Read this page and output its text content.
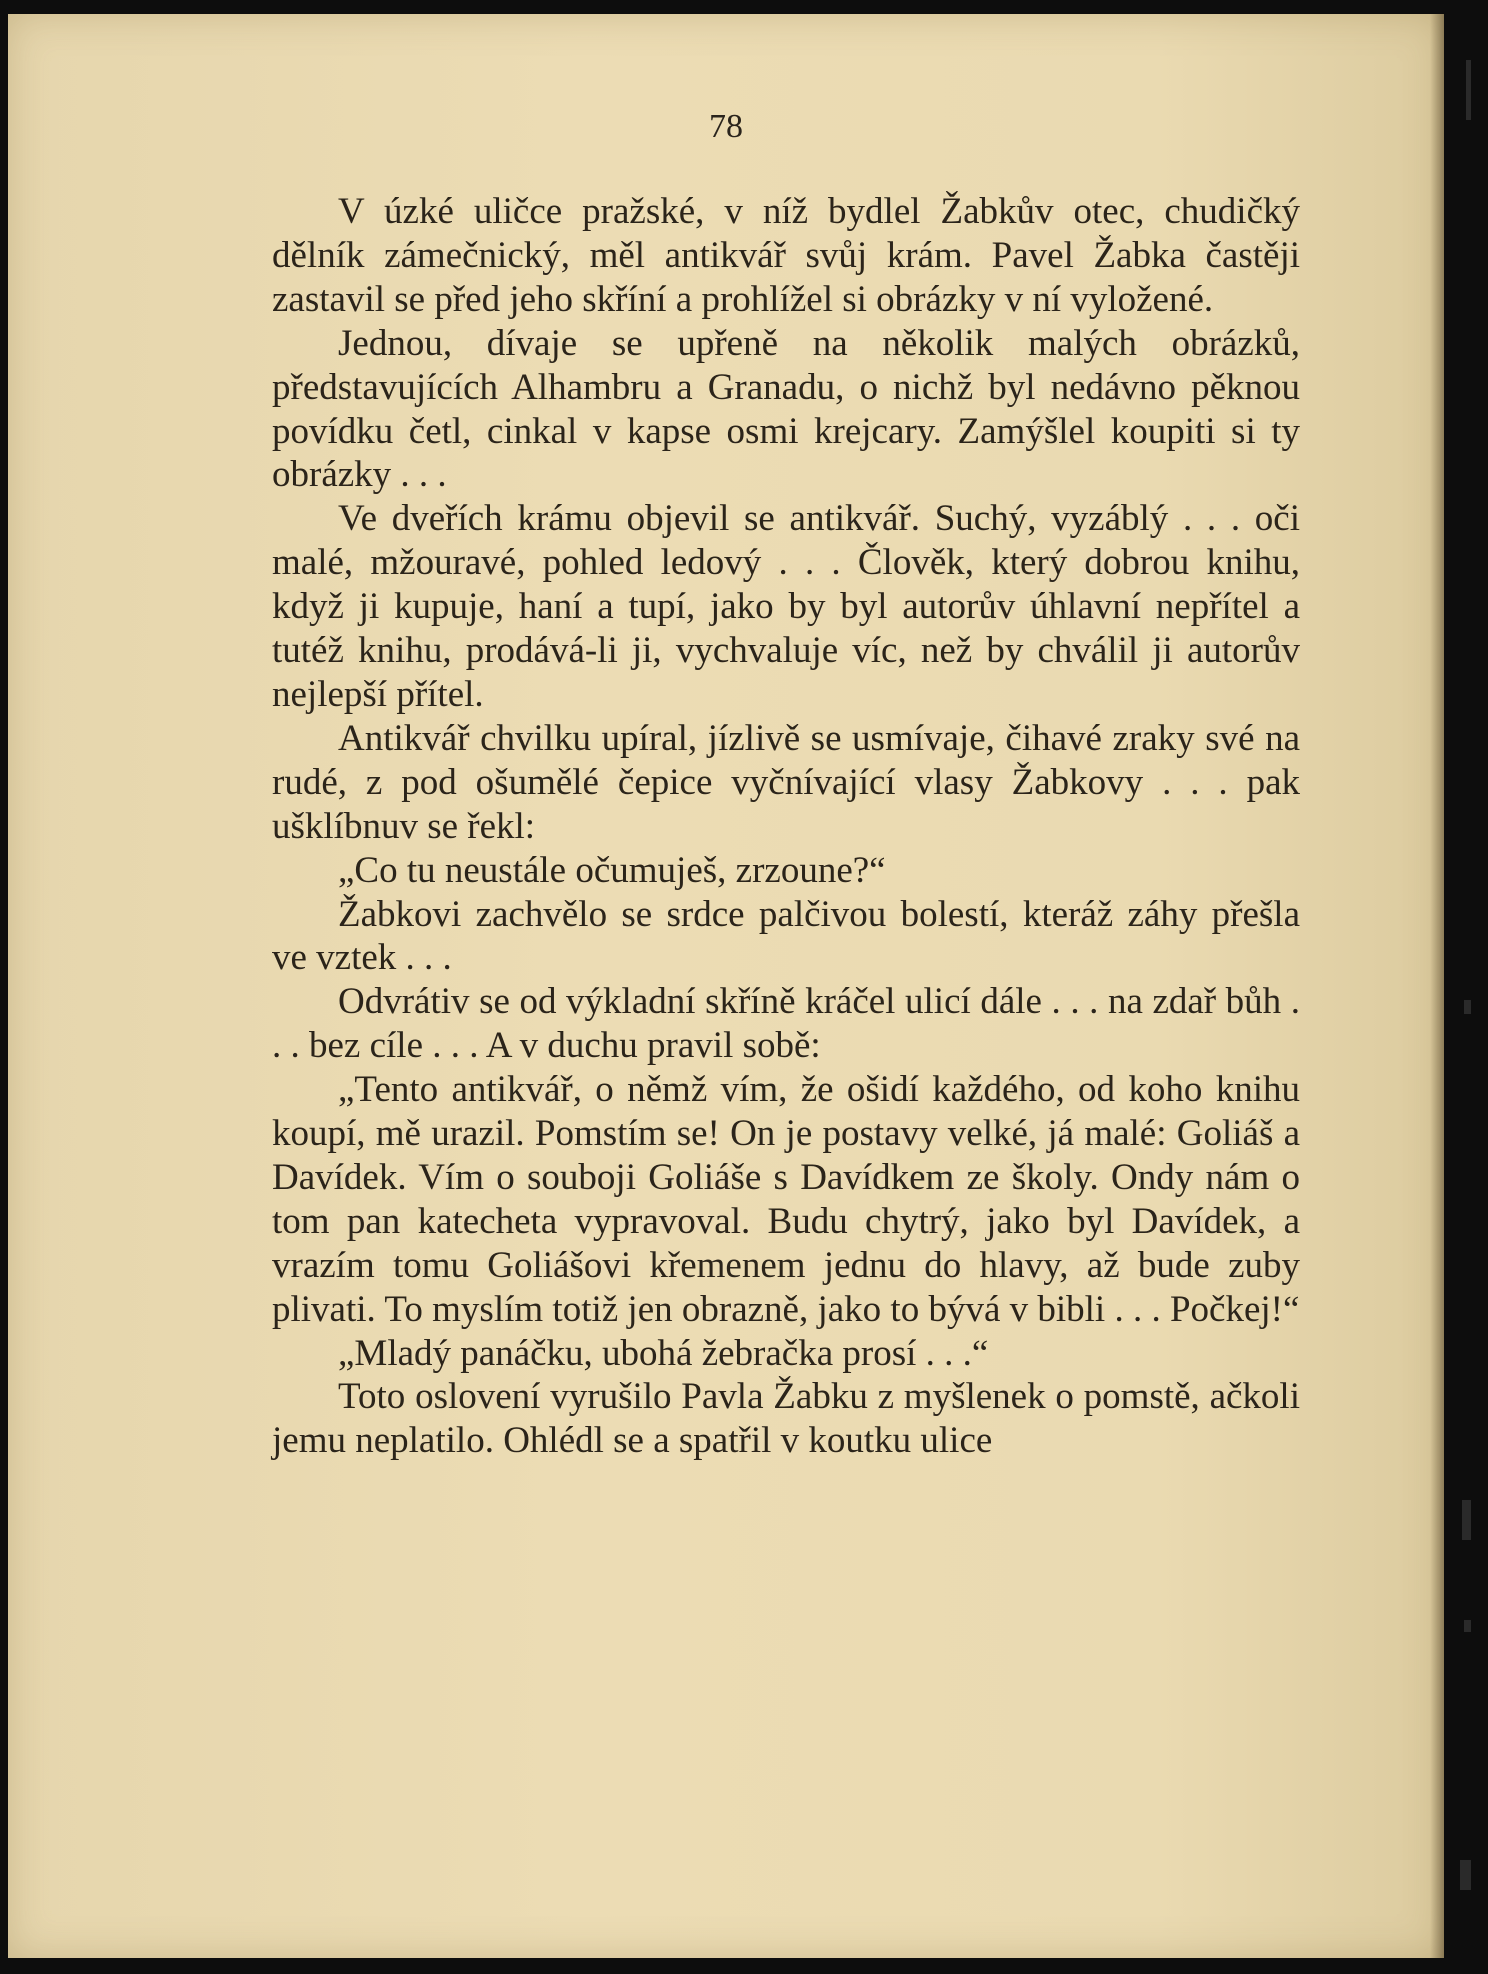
78

V úzké uličce pražské, v níž bydlel Žabkův otec, chudičký dělník zámečnický, měl antikvář svůj krám. Pavel Žabka častěji zastavil se před jeho skříní a prohlížel si obrázky v ní vyložené.

Jednou, dívaje se upřeně na několik malých obrázků, představujících Alhambru a Granadu, o nichž byl nedávno pěknou povídku četl, cinkal v kapse osmi krejcary. Zamýšlel koupiti si ty obrázky . . .

Ve dveřích krámu objevil se antikvář. Suchý, vyzáblý . . . oči malé, mžouravé, pohled ledový . . . Člověk, který dobrou knihu, když ji kupuje, haní a tupí, jako by byl autorův úhlavní nepřítel a tutéž knihu, prodává-li ji, vychvaluje víc, než by chválil ji autorův nejlepší přítel.

Antikvář chvilku upíral, jízlivě se usmívaje, čihavé zraky své na rudé, z pod ošumělé čepice vyčnívající vlasy Žabkovy . . . pak ušklíbnuv se řekl:

„Co tu neustále očumuješ, zrzoune?“

Žabkovi zachvělo se srdce palčivou bolestí, kteráž záhy přešla ve vztek . . .

Odvrátiv se od výkladní skříně kráčel ulicí dále . . . na zdař bůh . . . bez cíle . . . A v duchu pravil sobě:

„Tento antikvář, o němž vím, že ošidí každého, od koho knihu koupí, mě urazil. Pomstím se! On je postavy velké, já malé: Goliáš a Davídek. Vím o souboji Goliáše s Davídkem ze školy. Ondy nám o tom pan katecheta vypravoval. Budu chytrý, jako byl Davídek, a vrazím tomu Goliášovi křemenem jednu do hlavy, až bude zuby plivati. To myslím totiž jen obrazně, jako to bývá v bibli . . . Počkej!“

„Mladý panáčku, ubohá žebračka prosí . . .“

Toto oslovení vyrušilo Pavla Žabku z myšlenek o pomstě, ačkoli jemu neplatilo. Ohlédl se a spatřil v koutku ulice
